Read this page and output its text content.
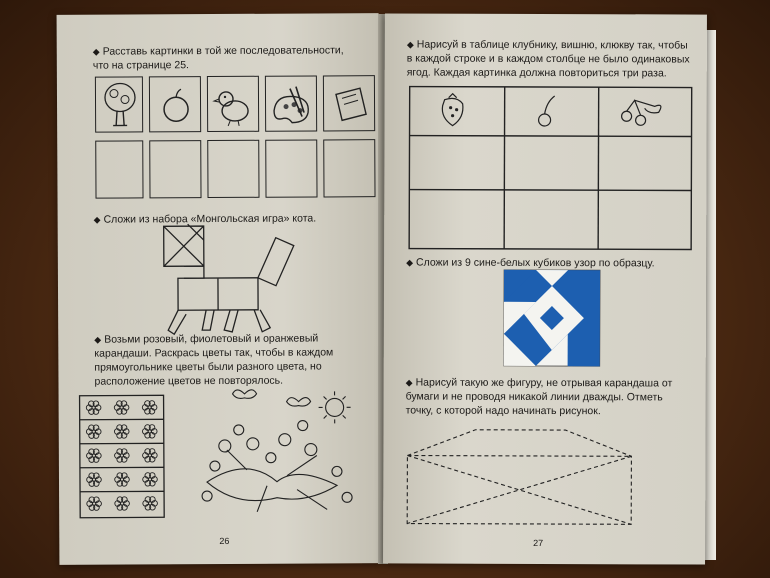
◆ Расставь картинки в той же последовательности, что на странице 25.
◆ Сложи из набора «Монгольская игра» кота.
◆ Возьми розовый, фиолетовый и оранжевый карандаши. Раскрась цветы так, чтобы в каждом прямоугольнике цветы были разного цвета, но расположение цветов не повторялось.
26
◆ Нарисуй в таблице клубнику, вишню, клюкву так, чтобы в каждой строке и в каждом столбце не было одинаковых ягод. Каждая картинка должна повториться три раза.
◆ Сложи из 9 сине-белых кубиков узор по образцу.
◆ Нарисуй такую же фигуру, не отрывая карандаша от бумаги и не проводя никакой линии дважды. Отметь точку, с которой надо начинать рисунок.
27
